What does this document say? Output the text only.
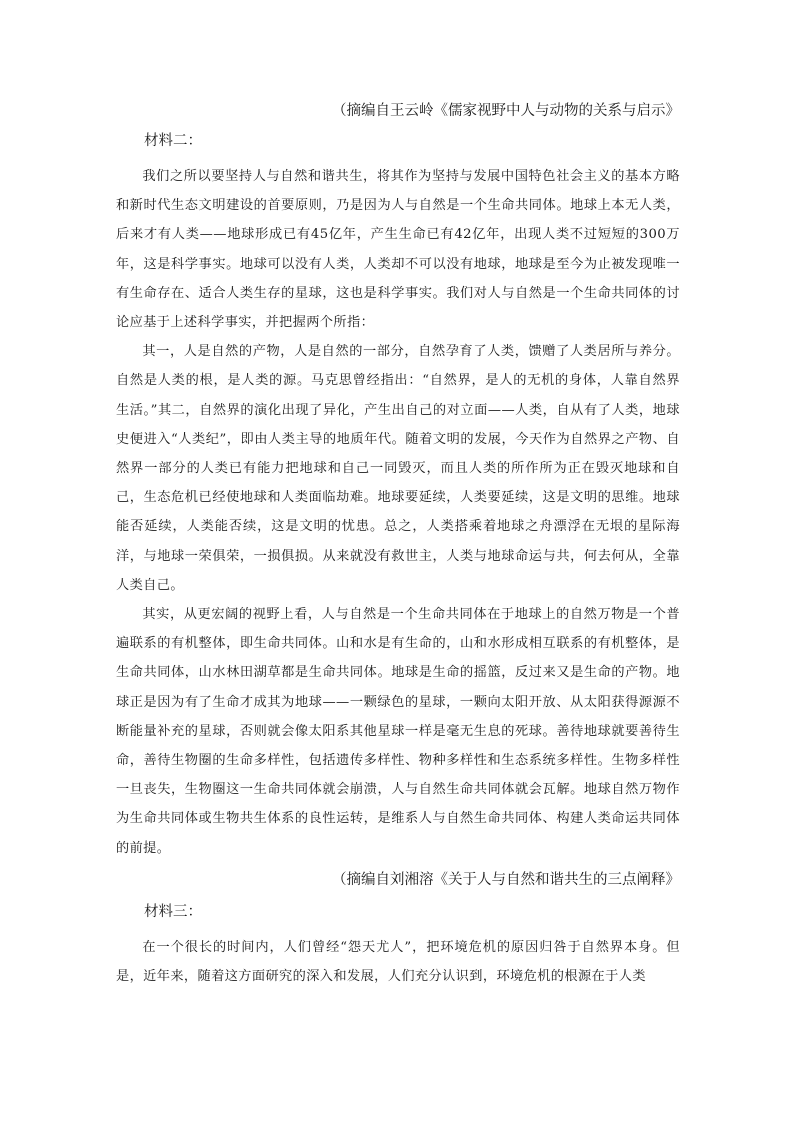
（摘编自王云岭《儒家视野中人与动物的关系与启示》

材料二：

我们之所以要坚持人与自然和谐共生，将其作为坚持与发展中国特色社会主义的基本方略和新时代生态文明建设的首要原则，乃是因为人与自然是一个生命共同体。地球上本无人类，后来才有人类——地球形成已有45亿年，产生生命已有42亿年，出现人类不过短短的300万年，这是科学事实。地球可以没有人类，人类却不可以没有地球，地球是至今为止被发现唯一有生命存在、适合人类生存的星球，这也是科学事实。我们对人与自然是一个生命共同体的讨论应基于上述科学事实，并把握两个所指：

其一，人是自然的产物，人是自然的一部分，自然孕育了人类，馈赠了人类居所与养分。自然是人类的根，是人类的源。马克思曾经指出：“自然界，是人的无机的身体，人靠自然界生活。”其二，自然界的演化出现了异化，产生出自己的对立面——人类，自从有了人类，地球史便进入“人类纪”，即由人类主导的地质年代。随着文明的发展，今天作为自然界之产物、自然界一部分的人类已有能力把地球和自己一同毁灭，而且人类的所作所为正在毁灭地球和自己，生态危机已经使地球和人类面临劫难。地球要延续，人类要延续，这是文明的思维。地球能否延续，人类能否续，这是文明的忧患。总之，人类搭乘着地球之舟漂浮在无垠的星际海洋，与地球一荣俱荣，一损俱损。从来就没有救世主，人类与地球命运与共，何去何从，全靠人类自己。

其实，从更宏阔的视野上看，人与自然是一个生命共同体在于地球上的自然万物是一个普遍联系的有机整体，即生命共同体。山和水是有生命的，山和水形成相互联系的有机整体，是生命共同体，山水林田湖草都是生命共同体。地球是生命的摇篮，反过来又是生命的产物。地球正是因为有了生命才成其为地球——一颗绿色的星球，一颗向太阳开放、从太阳获得源源不断能量补充的星球，否则就会像太阳系其他星球一样是毫无生息的死球。善待地球就要善待生命，善待生物圈的生命多样性，包括遗传多样性、物种多样性和生态系统多样性。生物多样性一旦丧失，生物圈这一生命共同体就会崩溃，人与自然生命共同体就会瓦解。地球自然万物作为生命共同体或生物共生体系的良性运转，是维系人与自然生命共同体、构建人类命运共同体的前提。

（摘编自刘湘溶《关于人与自然和谐共生的三点阐释》

材料三：

在一个很长的时间内，人们曾经“怨天尤人”，把环境危机的原因归咎于自然界本身。但是，近年来，随着这方面研究的深入和发展，人们充分认识到，环境危机的根源在于人类
